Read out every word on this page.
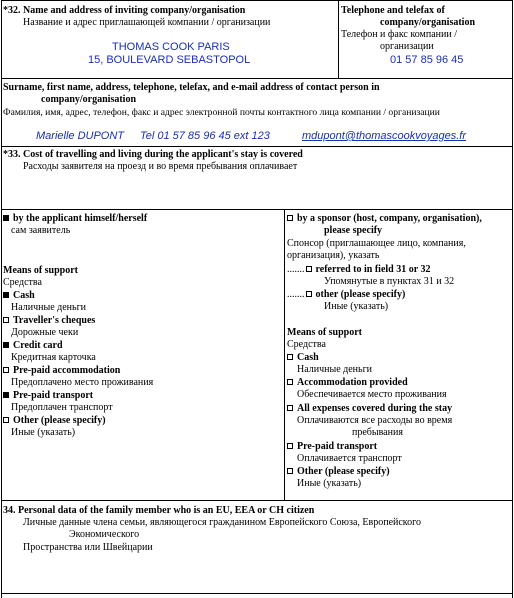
*32. Name and address of inviting company/organisation
Название и адрес приглашающей компании / организации
THOMAS COOK PARIS
15, BOULEVARD SEBASTOPOL
Telephone and telefax of
company/organisation
Телефон и факс компании /
организации
01 57 85 96 45
Surname, first name, address, telephone, telefax, and e-mail address of contact person in
company/organisation
Фамилия, имя, адрес, телефон, факс и адрес электронной почты контактного лица компании / организации
Marielle DUPONT Tel 01 57 85 96 45 ext 123	mdupont@thomascookvoyages.fr
*33. Cost of travelling and living during the applicant's stay is covered
Расходы заявителя на проезд и во время пребывания оплачивает
by the applicant himself/herself
сам заявитель
Means of support
Средства
Cash
Наличные деньги
Traveller's cheques
Дорожные чеки
Credit card
Кредитная карточка
Pre-paid accommodation
Предоплачено место проживания
Pre-paid transport
Предоплачен транспорт
Other (please specify)
Иные (указать)
by a sponsor (host, company, organisation),
please specify
Спонсор (приглашающее лицо, компания,
организация), указать
....... referred to in field 31 or 32
Упомянутые в пунктах 31 и 32
....... other (please specify)
Иные (указать)
Means of support
Средства
Cash
Наличные деньги
Accommodation provided
Обеспечивается место проживания
All expenses covered during the stay
Оплачиваются все расходы во время
пребывания
Pre-paid transport
Оплачивается транспорт
Other (please specify)
Иные (указать)
34. Personal data of the family member who is an EU, EEA or CH citizen
Личные данные члена семьи, являющегося гражданином Европейского Союза, Европейского
Экономического
Пространства или Швейцарии
